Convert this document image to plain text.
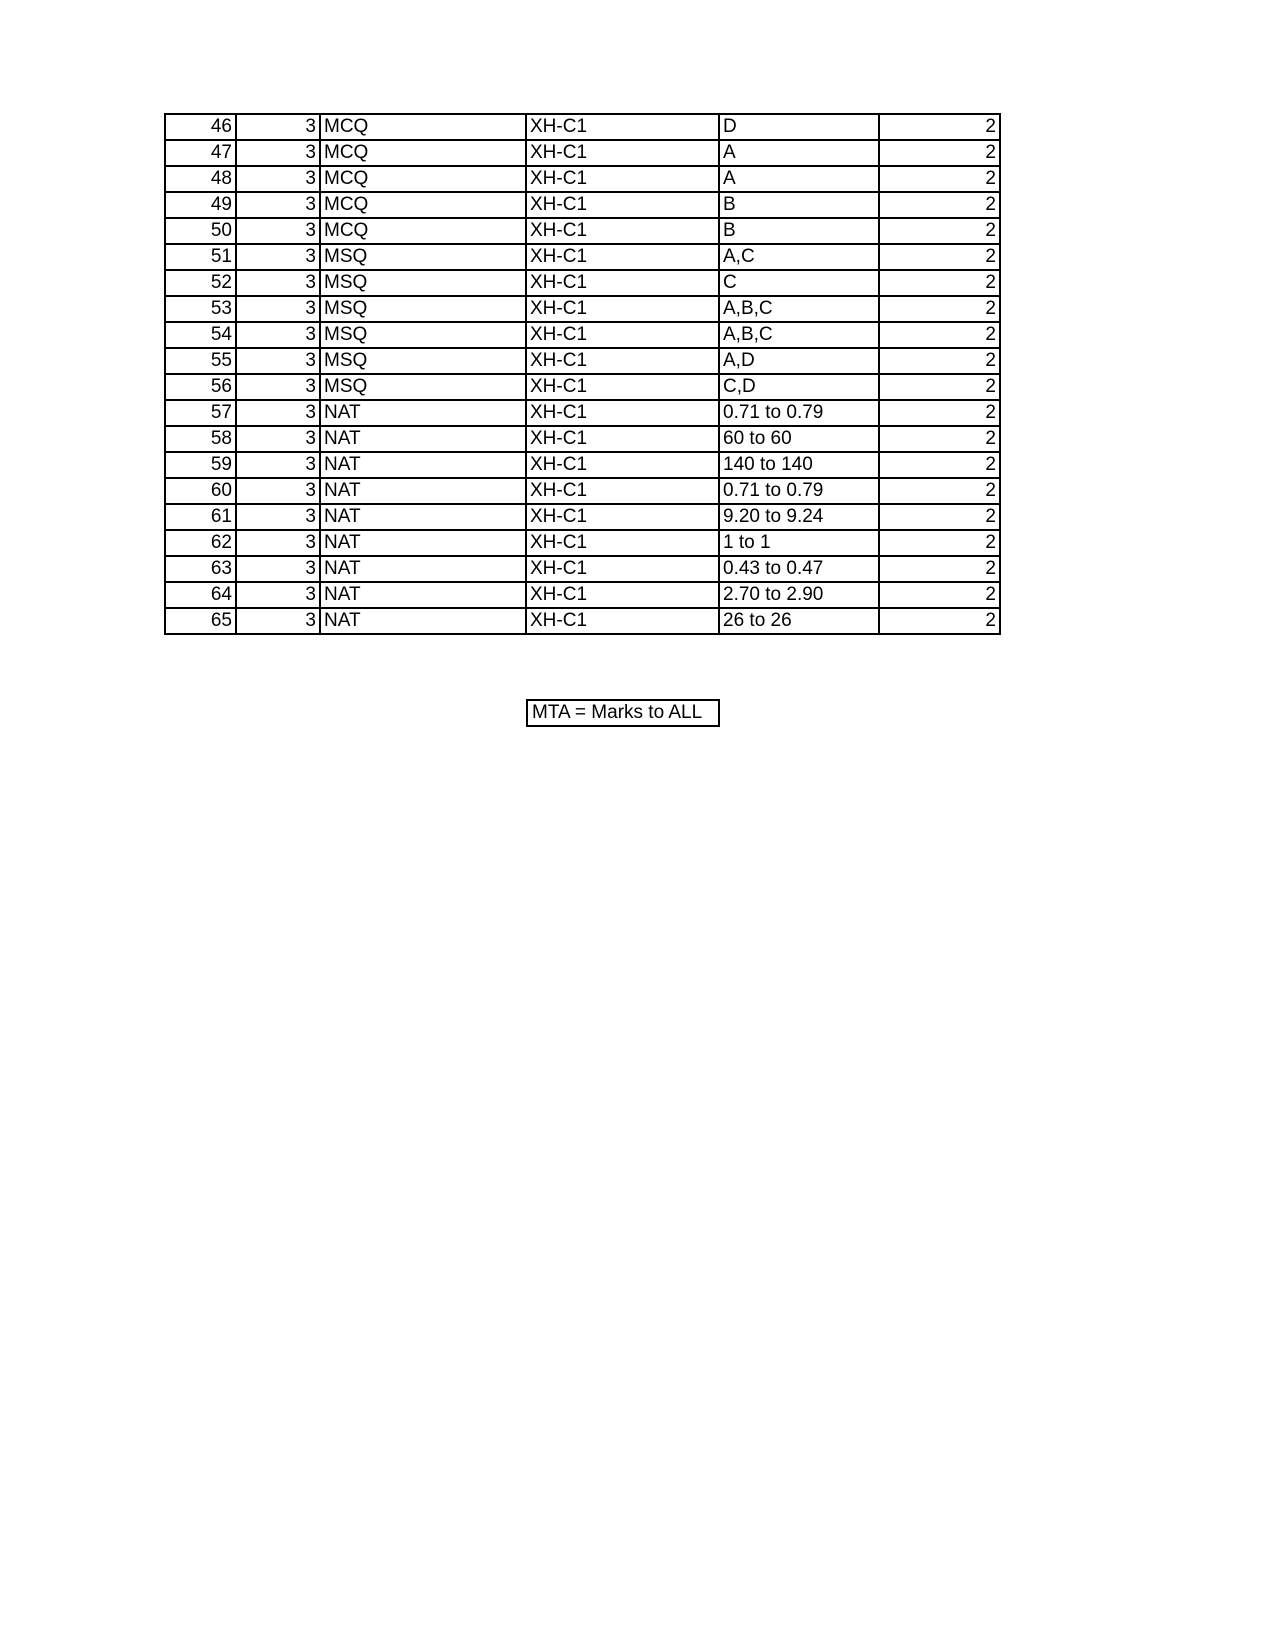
46	3	MCQ	XH-C1	D	2
47	3	MCQ	XH-C1	A	2
48	3	MCQ	XH-C1	A	2
49	3	MCQ	XH-C1	B	2
50	3	MCQ	XH-C1	B	2
51	3	MSQ	XH-C1	A,C	2
52	3	MSQ	XH-C1	C	2
53	3	MSQ	XH-C1	A,B,C	2
54	3	MSQ	XH-C1	A,B,C	2
55	3	MSQ	XH-C1	A,D	2
56	3	MSQ	XH-C1	C,D	2
57	3	NAT	XH-C1	0.71 to 0.79	2
58	3	NAT	XH-C1	60 to 60	2
59	3	NAT	XH-C1	140 to 140	2
60	3	NAT	XH-C1	0.71 to 0.79	2
61	3	NAT	XH-C1	9.20 to 9.24	2
62	3	NAT	XH-C1	1 to 1	2
63	3	NAT	XH-C1	0.43 to 0.47	2
64	3	NAT	XH-C1	2.70 to 2.90	2
65	3	NAT	XH-C1	26 to 26	2
MTA = Marks to ALL
